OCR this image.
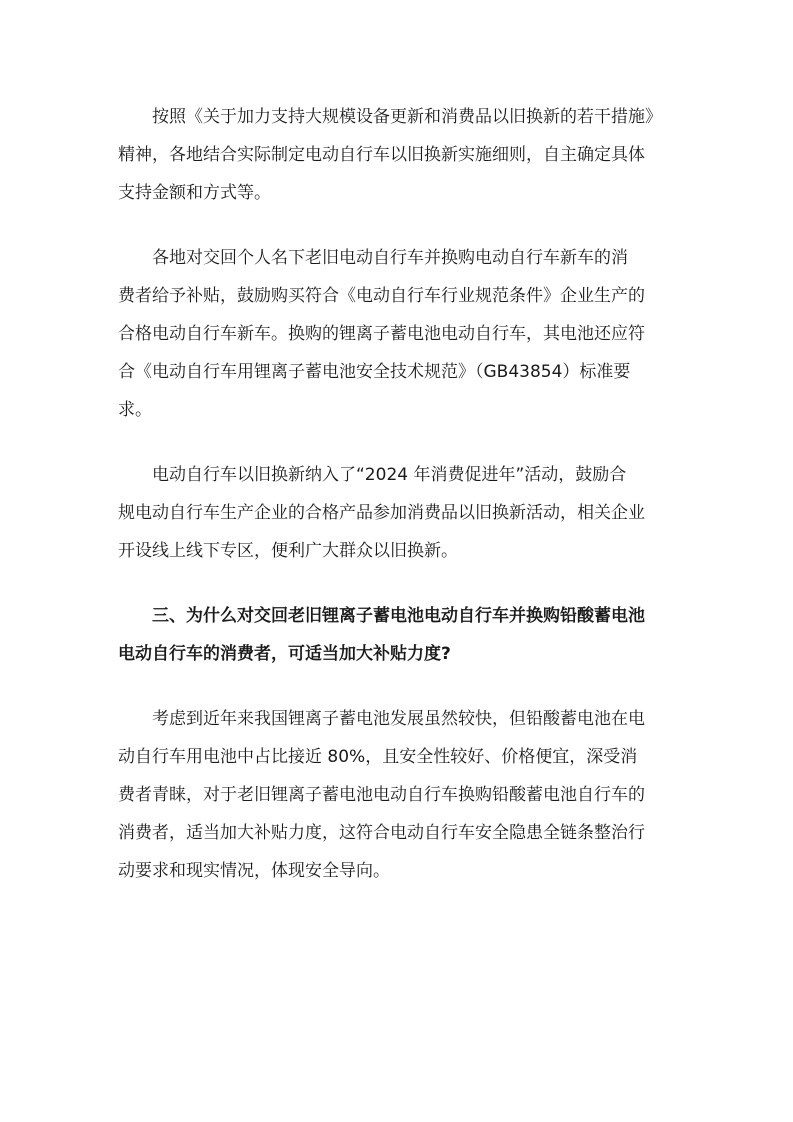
按照《关于加力支持大规模设备更新和消费品以旧换新的若干措施》
精神，各地结合实际制定电动自行车以旧换新实施细则，自主确定具体
支持金额和方式等。
各地对交回个人名下老旧电动自行车并换购电动自行车新车的消
费者给予补贴，鼓励购买符合《电动自行车行业规范条件》企业生产的
合格电动自行车新车。换购的锂离子蓄电池电动自行车，其电池还应符
合《电动自行车用锂离子蓄电池安全技术规范》（GB43854）标准要
求。
电动自行车以旧换新纳入了“2024 年消费促进年”活动，鼓励合
规电动自行车生产企业的合格产品参加消费品以旧换新活动，相关企业
开设线上线下专区，便利广大群众以旧换新。
三、为什么对交回老旧锂离子蓄电池电动自行车并换购铅酸蓄电池
电动自行车的消费者，可适当加大补贴力度?
考虑到近年来我国锂离子蓄电池发展虽然较快，但铅酸蓄电池在电
动自行车用电池中占比接近 80%，且安全性较好、价格便宜，深受消
费者青睐，对于老旧锂离子蓄电池电动自行车换购铅酸蓄电池自行车的
消费者，适当加大补贴力度，这符合电动自行车安全隐患全链条整治行
动要求和现实情况，体现安全导向。
